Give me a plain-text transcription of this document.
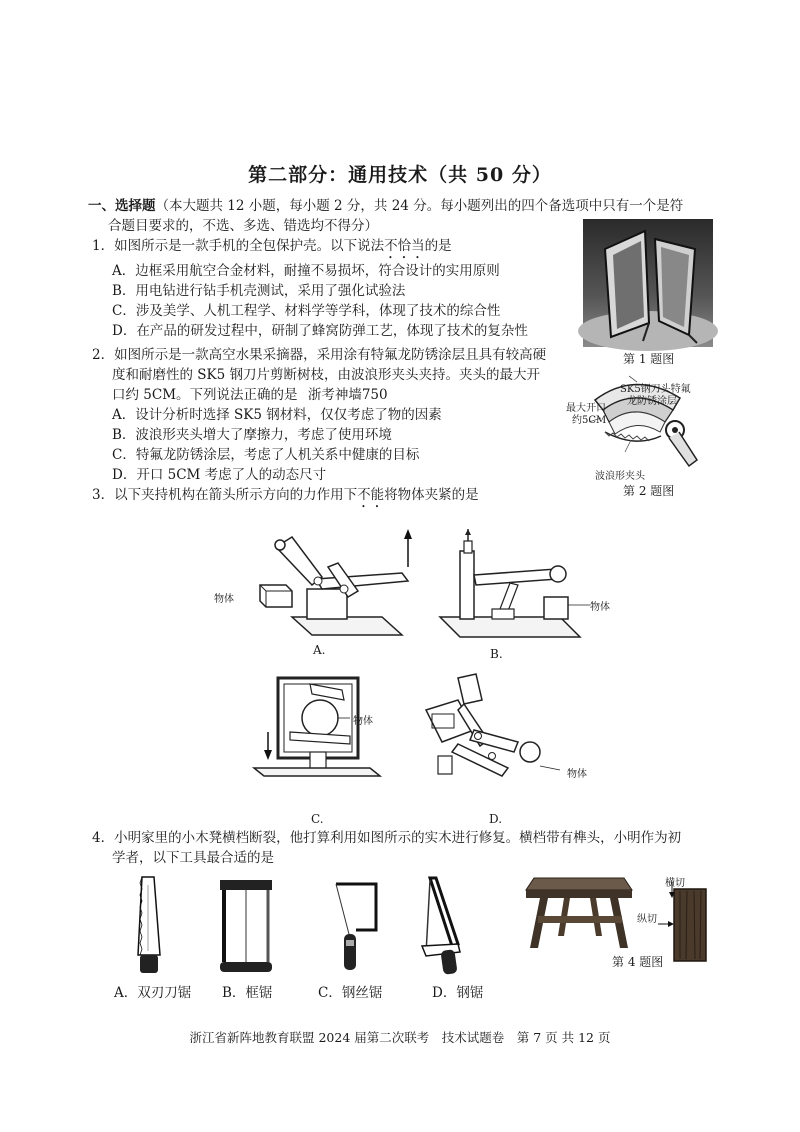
第二部分：通用技术（共 50 分）
一、选择题（本大题共 12 小题，每小题 2 分，共 24 分。每小题列出的四个备选项中只有一个是符
合题目要求的，不选、多选、错选均不得分）
1．如图所示是一款手机的全包保护壳。以下说法不恰当的是
A．边框采用航空合金材料，耐撞不易损坏，符合设计的实用原则
B．用电钻进行钻手机壳测试，采用了强化试验法
C．涉及美学、人机工程学、材料学等学科，体现了技术的综合性
D．在产品的研发过程中，研制了蜂窝防弹工艺，体现了技术的复杂性
第 1 题图
2．如图所示是一款高空水果采摘器，采用涂有特氟龙防锈涂层且具有较高硬
度和耐磨性的 SK5 钢刀片剪断树枝，由波浪形夹头夹持。夹头的最大开
口约 5CM。下列说法正确的是 浙考神墙750
A．设计分析时选择 SK5 钢材料，仅仅考虑了物的因素
B．波浪形夹头增大了摩擦力，考虑了使用环境
C．特氟龙防锈涂层，考虑了人机关系中健康的目标
D．开口 5CM 考虑了人的动态尺寸
SK5钢刀头特氟
龙防锈涂层
最大开口
约5CM
波浪形夹头
第 2 题图
3．以下夹持机构在箭头所示方向的力作用下不能将物体夹紧的是
物体
A.
物体
B.
物体
C.
物体
D.
4．小明家里的小木凳横档断裂，他打算利用如图所示的实木进行修复。横档带有榫头，小明作为初
学者，以下工具最合适的是
A．双刃刀锯 B．框锯	C．钢丝锯	D．钢锯
横切
纵切
第 4 题图
浙江省新阵地教育联盟 2024 届第二次联考　技术试题卷　第 7 页 共 12 页
